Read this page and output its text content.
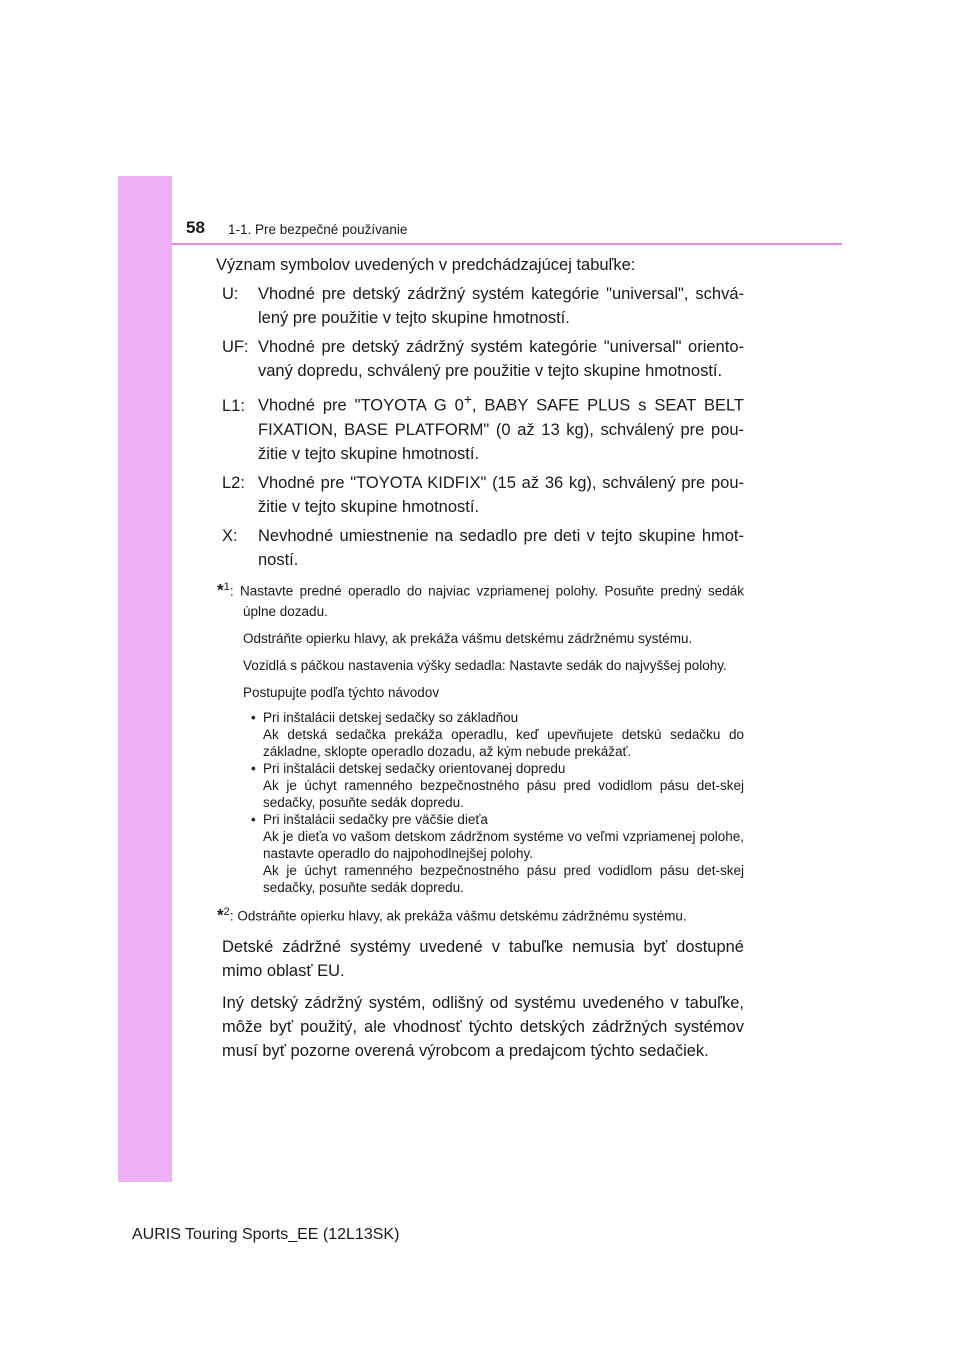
58 1-1. Pre bezpečné používanie

Význam symbolov uvedených v predchádzajúcej tabuľke:

U: Vhodné pre detský zádržný systém kategórie "universal", schvá-lený pre použitie v tejto skupine hmotností.

UF: Vhodné pre detský zádržný systém kategórie "universal" oriento-vaný dopredu, schválený pre použitie v tejto skupine hmotností.

L1: Vhodné pre "TOYOTA G 0+, BABY SAFE PLUS s SEAT BELT FIXATION, BASE PLATFORM" (0 až 13 kg), schválený pre pou-žitie v tejto skupine hmotností.

L2: Vhodné pre "TOYOTA KIDFIX" (15 až 36 kg), schválený pre pou-žitie v tejto skupine hmotností.

X: Nevhodné umiestnenie na sedadlo pre deti v tejto skupine hmot-ností.

*$^1$: Nastavte predné operadlo do najviac vzpriamenej polohy. Posuňte predný sedák úplne dozadu.

Odstráňte opierku hlavy, ak prekáža vášmu detskému zádržnému systému.

Vozidlá s páčkou nastavenia výšky sedadla: Nastavte sedák do najvyššej polohy.

Postupujte podľa týchto návodov

• Pri inštalácii detskej sedačky so základňou
Ak detská sedačka prekáža operadlu, keď upevňujete detskú sedačku do základne, sklopte operadlo dozadu, až kým nebude prekážať.
• Pri inštalácii detskej sedačky orientovanej dopredu
Ak je úchyt ramenného bezpečnostného pásu pred vodidlom pásu det-skej sedačky, posuňte sedák dopredu.
• Pri inštalácii sedačky pre väčšie dieťa
Ak je dieťa vo vašom detskom zádržnom systéme vo veľmi vzpriamenej polohe, nastavte operadlo do najpohodlnejšej polohy.
Ak je úchyt ramenného bezpečnostného pásu pred vodidlom pásu det-skej sedačky, posuňte sedák dopredu.

*$^2$: Odstráňte opierku hlavy, ak prekáža vášmu detskému zádržnému systému.

Detské zádržné systémy uvedené v tabuľke nemusia byť dostupné mimo oblasť EU.

Iný detský zádržný systém, odlišný od systému uvedeného v tabuľke, môže byť použitý, ale vhodnosť týchto detských zádržných systémov musí byť pozorne overená výrobcom a predajcom týchto sedačiek.

AURIS Touring Sports_EE (12L13SK)
